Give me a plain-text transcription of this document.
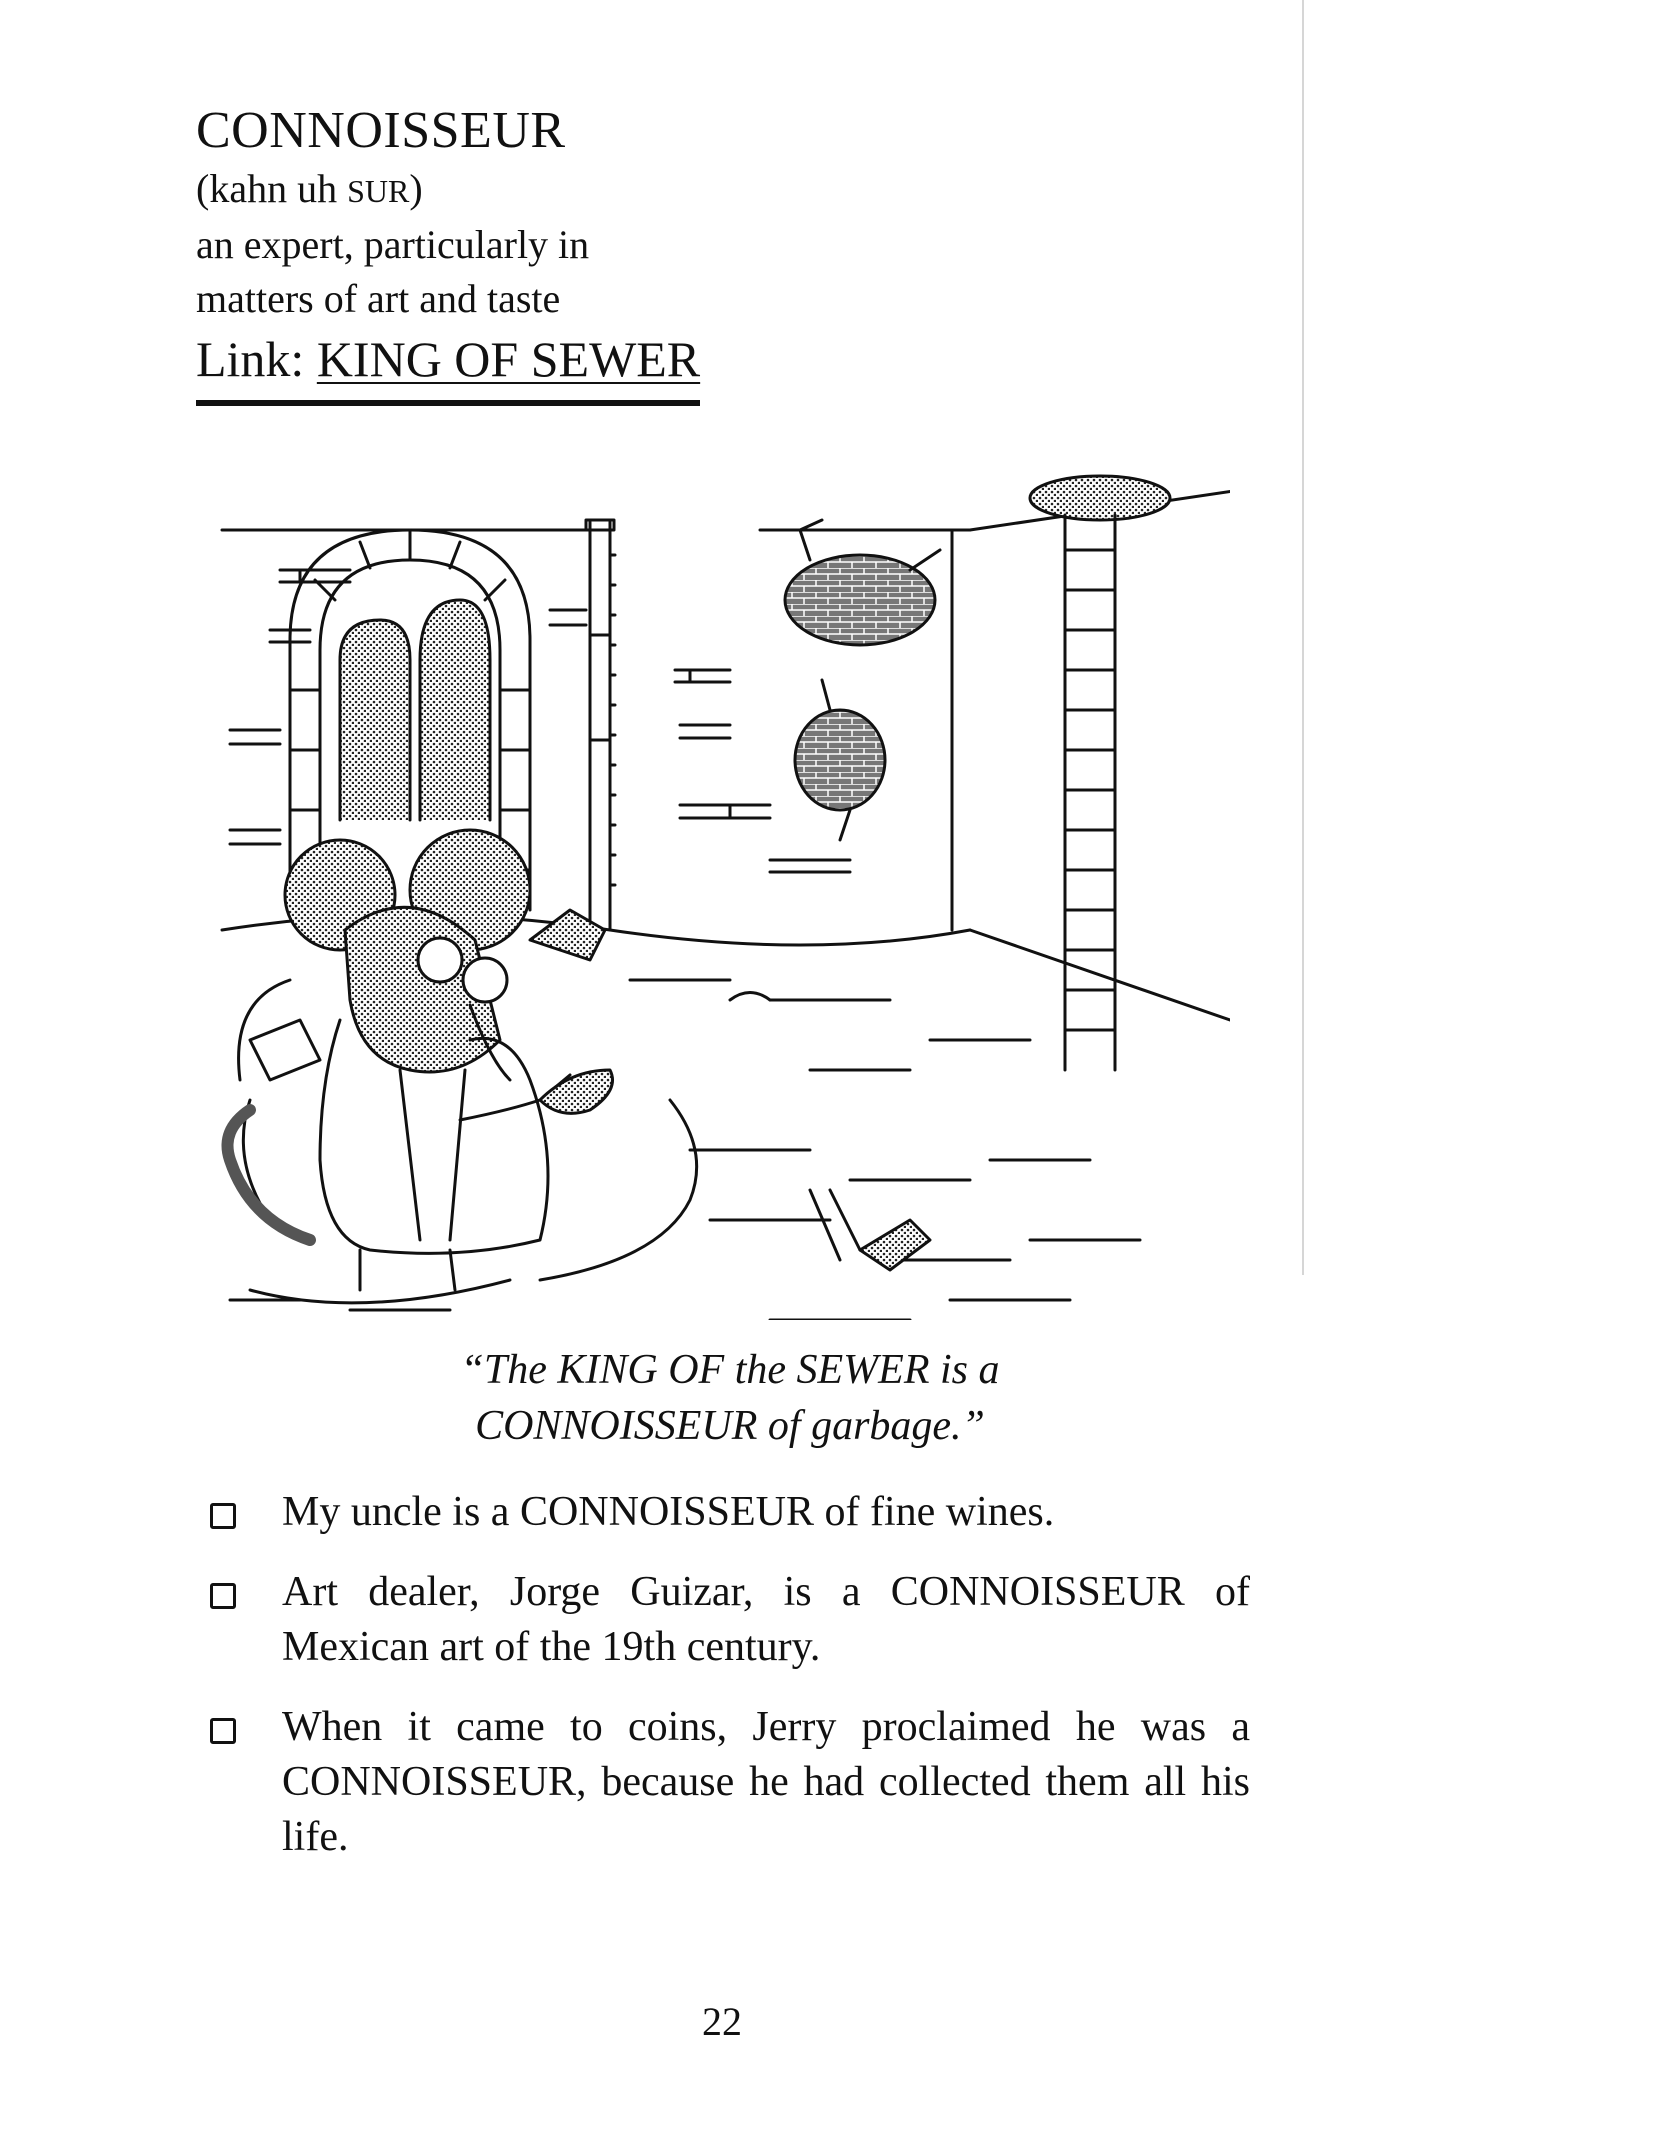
CONNOISSEUR
(kahn uh SUR)
an expert, particularly in
matters of art and taste
Link: KING OF SEWER
“The KING OF the SEWER is a
CONNOISSEUR of garbage.”
My uncle is a CONNOISSEUR of fine wines.
Art dealer, Jorge Guizar, is a CONNOISSEUR of Mexican art of the 19th century.
When it came to coins, Jerry proclaimed he was a CONNOISSEUR, because he had collected them all his life.
22
